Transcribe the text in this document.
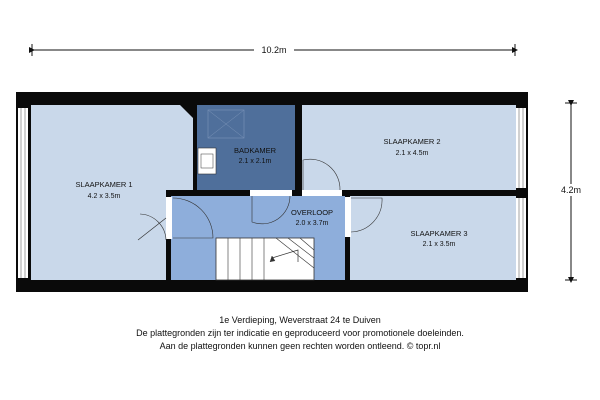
10.2m
4.2m
SLAAPKAMER 1
4.2 x 3.5m
BADKAMER
2.1 x 2.1m
SLAAPKAMER 2
2.1 x 4.5m
OVERLOOP
2.0 x 3.7m
SLAAPKAMER 3
2.1 x 3.5m
1e Verdieping, Weverstraat 24 te Duiven
De plattegronden zijn ter indicatie en geproduceerd voor promotionele doeleinden.
Aan de plattegronden kunnen geen rechten worden ontleend. © topr.nl
